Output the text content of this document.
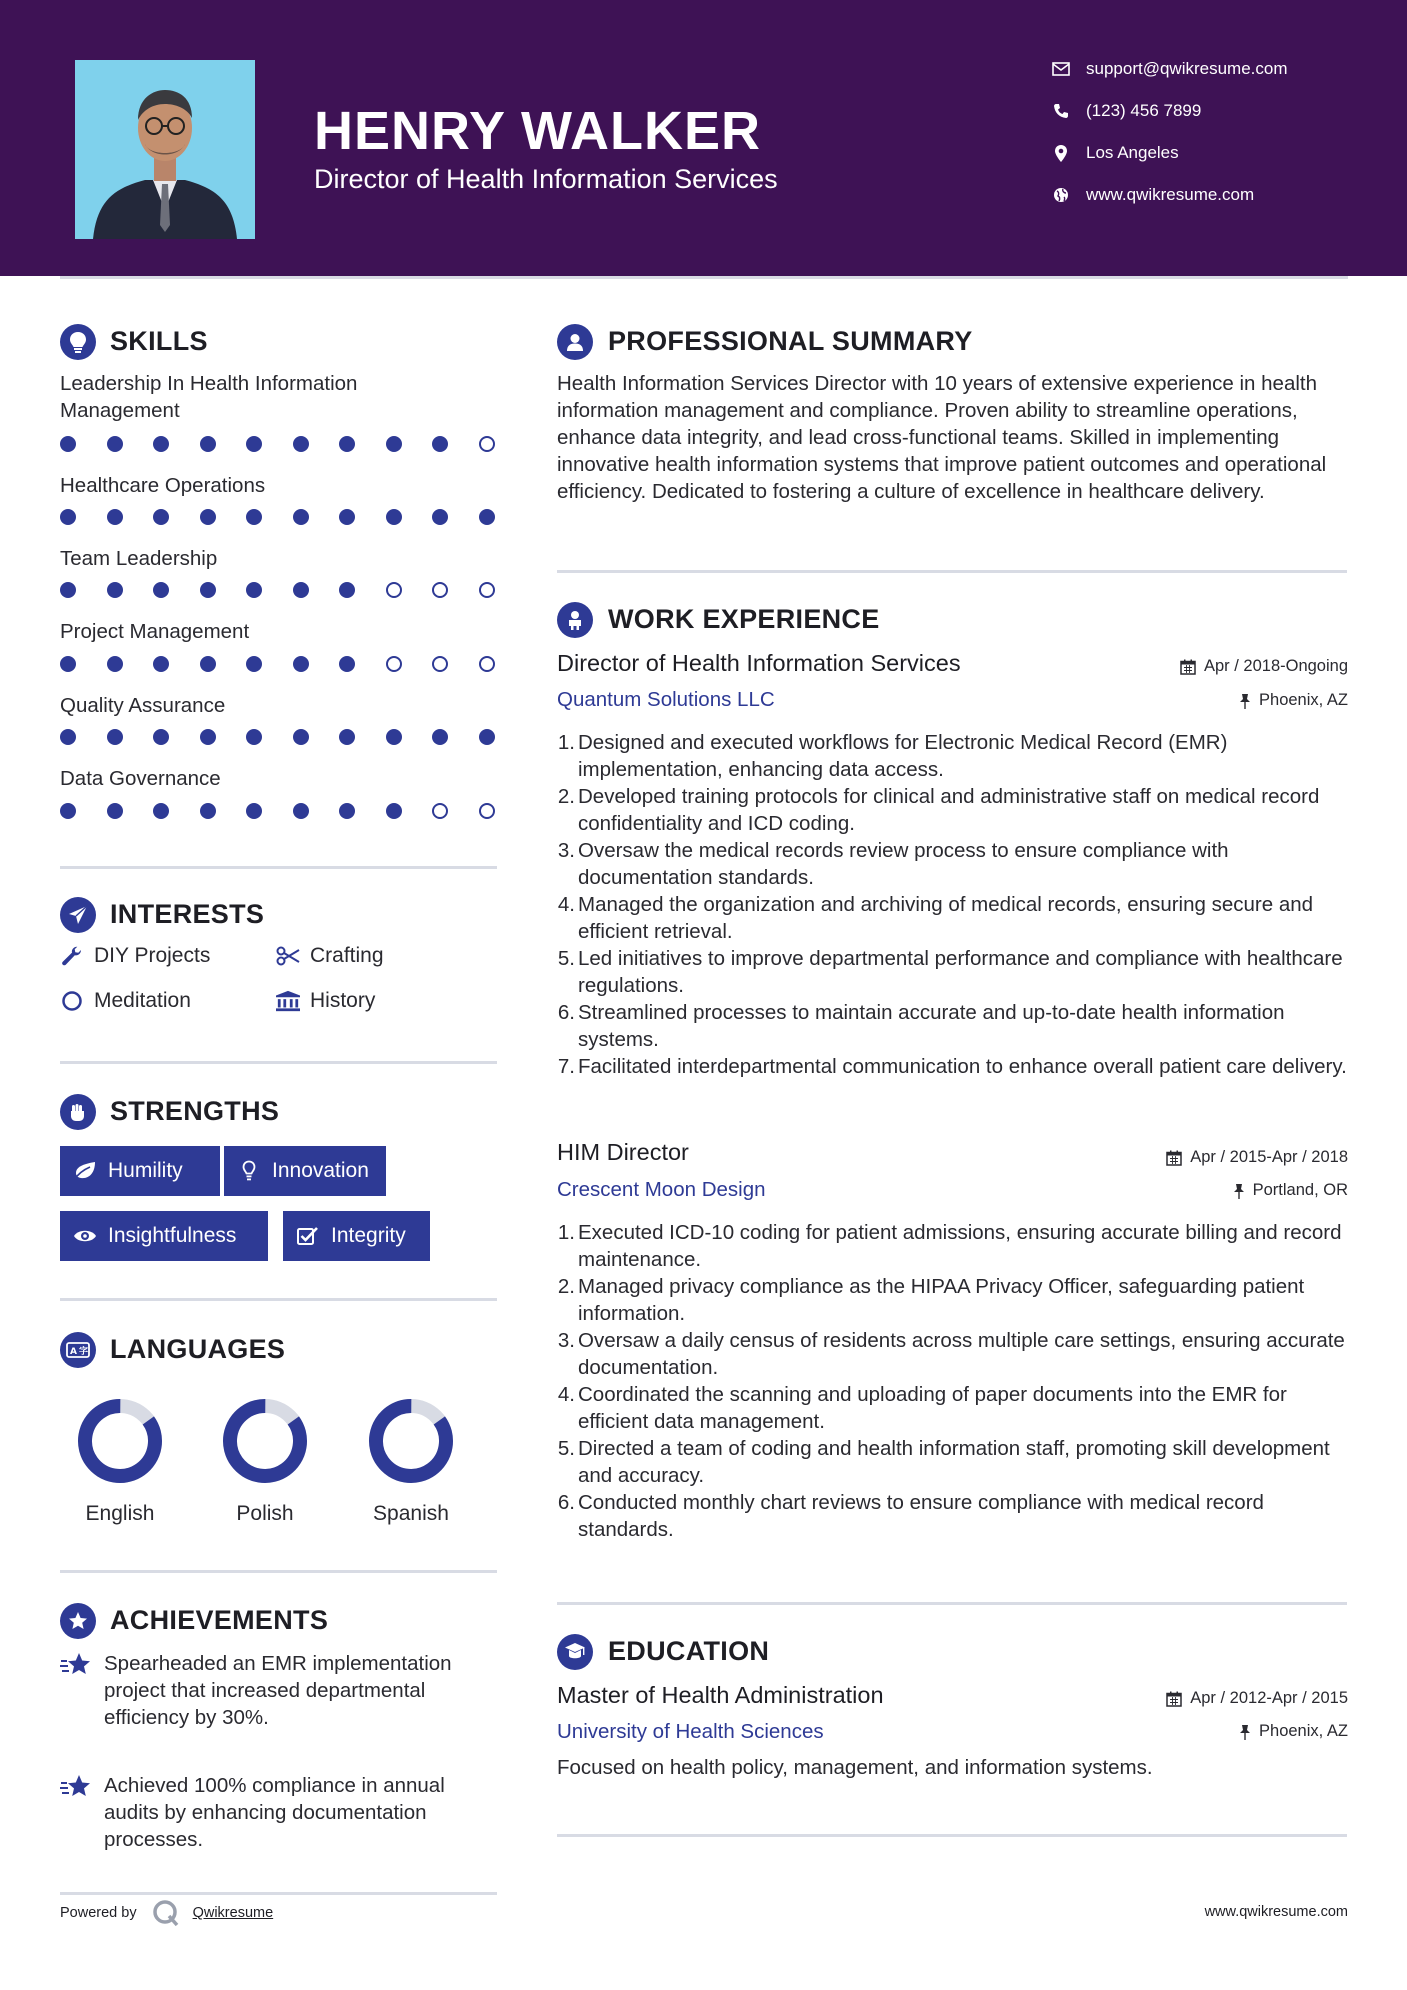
HENRY WALKER
Director of Health Information Services
support@qwikresume.com
(123) 456 7899
Los Angeles
www.qwikresume.com
SKILLS
Leadership In Health Information Management
Healthcare Operations
Team Leadership
Project Management
Quality Assurance
Data Governance
INTERESTS
DIY Projects	Crafting
Meditation	History
STRENGTHS
Humility	Innovation
Insightfulness	Integrity
A 字 LANGUAGES
English	Polish	Spanish
ACHIEVEMENTS
Spearheaded an EMR implementation project that increased departmental efficiency by 30%.
Achieved 100% compliance in annual audits by enhancing documentation processes.
PROFESSIONAL SUMMARY
Health Information Services Director with 10 years of extensive experience in health information management and compliance. Proven ability to streamline operations, enhance data integrity, and lead cross-functional teams. Skilled in implementing innovative health information systems that improve patient outcomes and operational efficiency. Dedicated to fostering a culture of excellence in healthcare delivery.
WORK EXPERIENCE
Director of Health Information Services	Apr / 2018-Ongoing
Quantum Solutions LLC	Phoenix, AZ
1. Designed and executed workflows for Electronic Medical Record (EMR) implementation, enhancing data access.
2. Developed training protocols for clinical and administrative staff on medical record confidentiality and ICD coding.
3. Oversaw the medical records review process to ensure compliance with documentation standards.
4. Managed the organization and archiving of medical records, ensuring secure and efficient retrieval.
5. Led initiatives to improve departmental performance and compliance with healthcare regulations.
6. Streamlined processes to maintain accurate and up-to-date health information systems.
7. Facilitated interdepartmental communication to enhance overall patient care delivery.
HIM Director	Apr / 2015-Apr / 2018
Crescent Moon Design	Portland, OR
1. Executed ICD-10 coding for patient admissions, ensuring accurate billing and record maintenance.
2. Managed privacy compliance as the HIPAA Privacy Officer, safeguarding patient information.
3. Oversaw a daily census of residents across multiple care settings, ensuring accurate documentation.
4. Coordinated the scanning and uploading of paper documents into the EMR for efficient data management.
5. Directed a team of coding and health information staff, promoting skill development and accuracy.
6. Conducted monthly chart reviews to ensure compliance with medical record standards.
EDUCATION
Master of Health Administration	Apr / 2012-Apr / 2015
University of Health Sciences	Phoenix, AZ
Focused on health policy, management, and information systems.
Powered by	Qwikresume	www.qwikresume.com
